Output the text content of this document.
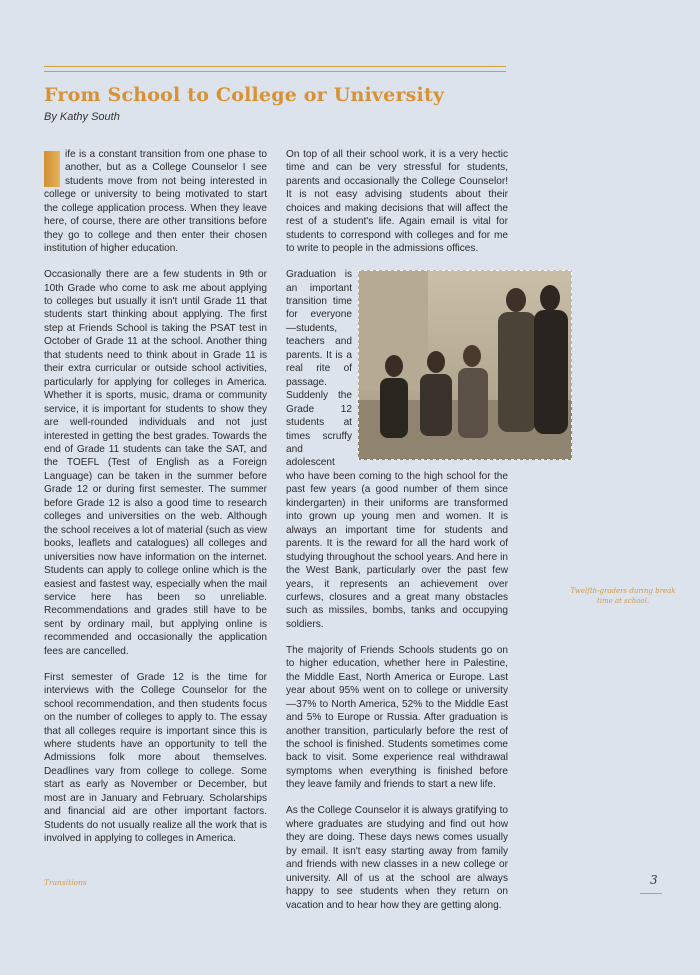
From School to College or University
By Kathy South

ife is a constant transition from one phase to another, but as a College Counselor I see students move from not being interested in college or university to being motivated to start the college application process. When they leave here, of course, there are other transitions before they go to college and then enter their chosen institution of higher education.

Occasionally there are a few students in 9th or 10th Grade who come to ask me about applying to colleges but usually it isn't until Grade 11 that students start thinking about applying. The first step at Friends School is taking the PSAT test in October of Grade 11 at the school. Another thing that students need to think about in Grade 11 is their extra curricular or outside school activities, particularly for applying for colleges in America. Whether it is sports, music, drama or community service, it is important for students to show they are well-rounded individuals and not just interested in getting the best grades. Towards the end of Grade 11 students can take the SAT, and the TOEFL (Test of English as a Foreign Language) can be taken in the summer before Grade 12 or during first semester. The summer before Grade 12 is also a good time to research colleges and universities on the web. Although the school receives a lot of material (such as view books, leaflets and catalogues) all colleges and universities now have information on the internet. Students can apply to college online which is the easiest and fastest way, especially when the mail service here has been so unreliable. Recommendations and grades still have to be sent by ordinary mail, but applying online is recommended and occasionally the application fees are cancelled.

First semester of Grade 12 is the time for interviews with the College Counselor for the school recommendation, and then students focus on the number of colleges to apply to. The essay that all colleges require is important since this is where students have an opportunity to tell the Admissions folk more about themselves. Deadlines vary from college to college. Some start as early as November or December, but most are in January and February. Scholarships and financial aid are other important factors. Students do not usually realize all the work that is involved in applying to colleges in America.

On top of all their school work, it is a very hectic time and can be very stressful for students, parents and occasionally the College Counselor! It is not easy advising students about their choices and making decisions that will affect the rest of a student's life. Again email is vital for students to correspond with colleges and for me to write to people in the admissions offices.

Graduation is an important transition time for everyone—students, teachers and parents. It is a real rite of passage. Suddenly the Grade 12 students at times scruffy and adolescent who have been coming to the high school for the past few years (a good number of them since kindergarten) in their uniforms are transformed into grown up young men and women. It is always an important time for students and parents. It is the reward for all the hard work of studying throughout the school years. And here in the West Bank, particularly over the past few years, it represents an achievement over curfews, closures and a great many obstacles such as missiles, bombs, tanks and occupying soldiers.

The majority of Friends Schools students go on to higher education, whether here in Palestine, the Middle East, North America or Europe. Last year about 95% went on to college or university—37% to North America, 52% to the Middle East and 5% to Europe or Russia. After graduation is another transition, particularly before the rest of the school is finished. Students sometimes come back to visit. Some experience real withdrawal symptoms when everything is finished before they leave family and friends to start a new life.

As the College Counselor it is always gratifying to where graduates are studying and find out how they are doing. These days news comes usually by email. It isn't easy starting away from family and friends with new classes in a new college or university. All of us at the school are always happy to see students when they return on vacation and to hear how they are getting along.

Twelfth-graders during break time at school.
Transitions	3
